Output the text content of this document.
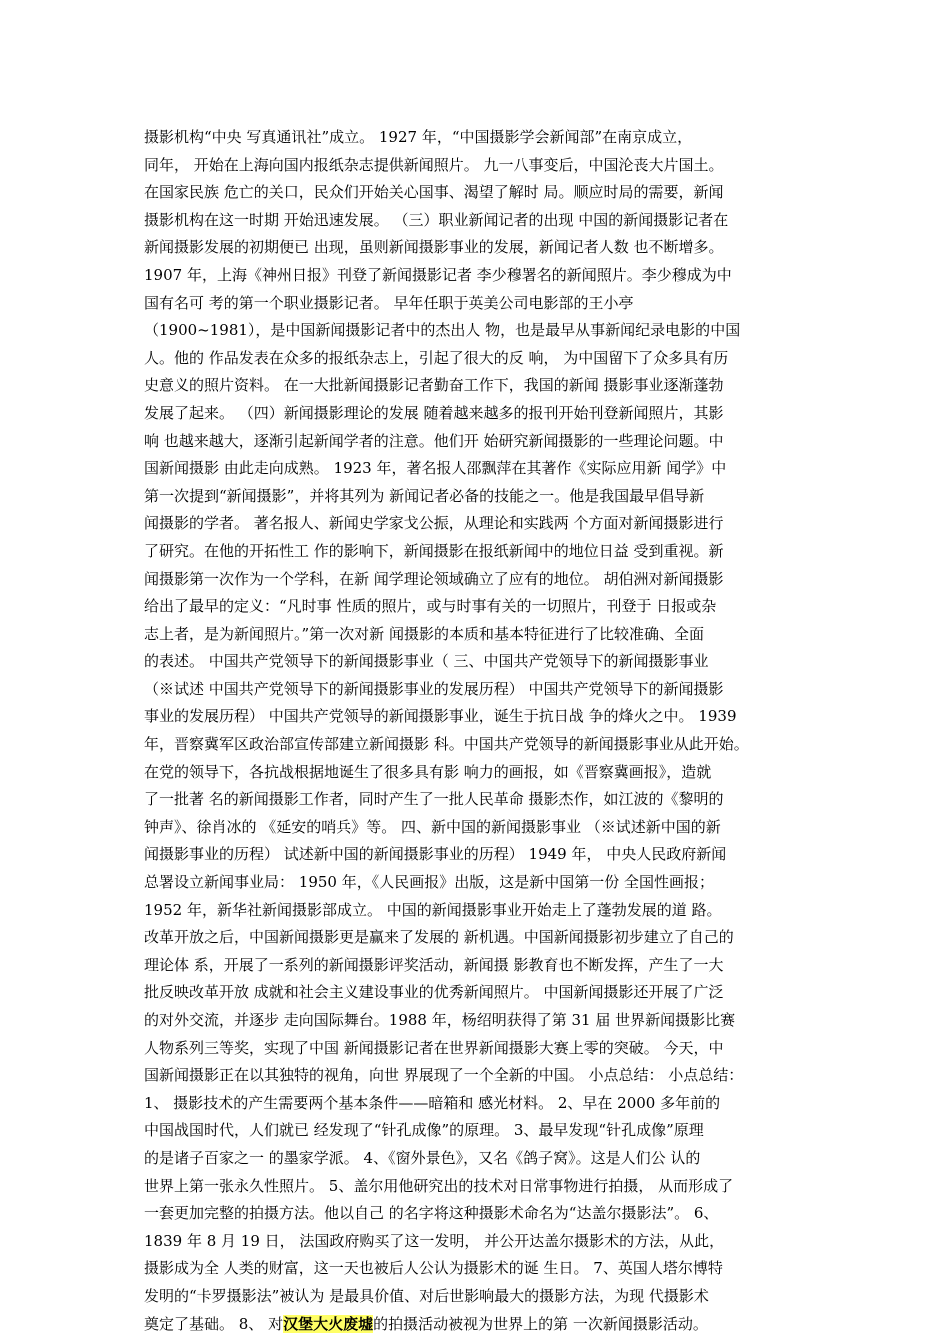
摄影机构“中央 写真通讯社”成立。 1927 年，“中国摄影学会新闻部”在南京成立，
同年， 开始在上海向国内报纸杂志提供新闻照片。 九一八事变后，中国沦丧大片国土。
在国家民族 危亡的关口，民众们开始关心国事、渴望了解时 局。顺应时局的需要，新闻
摄影机构在这一时期 开始迅速发展。 （三）职业新闻记者的出现 中国的新闻摄影记者在
新闻摄影发展的初期便已 出现，虽则新闻摄影事业的发展，新闻记者人数 也不断增多。
1907 年，上海《神州日报》刊登了新闻摄影记者 李少穆署名的新闻照片。李少穆成为中
国有名可 考的第一个职业摄影记者。 早年任职于英美公司电影部的王小亭
（1900~1981），是中国新闻摄影记者中的杰出人 物，也是最早从事新闻纪录电影的中国
人。他的 作品发表在众多的报纸杂志上，引起了很大的反 响， 为中国留下了众多具有历
史意义的照片资料。 在一大批新闻摄影记者勤奋工作下，我国的新闻 摄影事业逐渐蓬勃
发展了起来。 （四）新闻摄影理论的发展 随着越来越多的报刊开始刊登新闻照片，其影
响 也越来越大，逐渐引起新闻学者的注意。他们开 始研究新闻摄影的一些理论问题。中
国新闻摄影 由此走向成熟。 1923 年，著名报人邵飘萍在其著作《实际应用新 闻学》中
第一次提到“新闻摄影”，并将其列为 新闻记者必备的技能之一。他是我国最早倡导新
闻摄影的学者。 著名报人、新闻史学家戈公振，从理论和实践两 个方面对新闻摄影进行
了研究。在他的开拓性工 作的影响下，新闻摄影在报纸新闻中的地位日益 受到重视。新
闻摄影第一次作为一个学科，在新 闻学理论领域确立了应有的地位。 胡伯洲对新闻摄影
给出了最早的定义：“凡时事 性质的照片，或与时事有关的一切照片，刊登于 日报或杂
志上者，是为新闻照片。”第一次对新 闻摄影的本质和基本特征进行了比较准确、全面
的表述。 中国共产党领导下的新闻摄影事业（ 三、中国共产党领导下的新闻摄影事业
（※试述 中国共产党领导下的新闻摄影事业的发展历程） 中国共产党领导下的新闻摄影
事业的发展历程） 中国共产党领导的新闻摄影事业，诞生于抗日战 争的烽火之中。 1939
年，晋察冀军区政治部宣传部建立新闻摄影 科。中国共产党领导的新闻摄影事业从此开始。
在党的领导下，各抗战根据地诞生了很多具有影 响力的画报，如《晋察冀画报》，造就
了一批著 名的新闻摄影工作者，同时产生了一批人民革命 摄影杰作，如江波的《黎明的
钟声》、徐肖冰的 《延安的哨兵》等。 四、新中国的新闻摄影事业 （※试述新中国的新
闻摄影事业的历程） 试述新中国的新闻摄影事业的历程） 1949 年， 中央人民政府新闻
总署设立新闻事业局： 1950 年，《人民画报》出版，这是新中国第一份 全国性画报；
1952 年，新华社新闻摄影部成立。 中国的新闻摄影事业开始走上了蓬勃发展的道 路。
改革开放之后，中国新闻摄影更是赢来了发展的 新机遇。中国新闻摄影初步建立了自己的
理论体 系，开展了一系列的新闻摄影评奖活动，新闻摄 影教育也不断发挥，产生了一大
批反映改革开放 成就和社会主义建设事业的优秀新闻照片。 中国新闻摄影还开展了广泛
的对外交流，并逐步 走向国际舞台。1988 年，杨绍明获得了第 31 届 世界新闻摄影比赛
人物系列三等奖，实现了中国 新闻摄影记者在世界新闻摄影大赛上零的突破。 今天，中
国新闻摄影正在以其独特的视角，向世 界展现了一个全新的中国。 小点总结： 小点总结：
1、 摄影技术的产生需要两个基本条件——暗箱和 感光材料。 2、早在 2000 多年前的
中国战国时代，人们就已 经发现了“针孔成像”的原理。 3、最早发现“针孔成像”原理
的是诸子百家之一 的墨家学派。 4、《窗外景色》，又名《鸽子窝》。这是人们公 认的
世界上第一张永久性照片。 5、盖尔用他研究出的技术对日常事物进行拍摄， 从而形成了
一套更加完整的拍摄方法。他以自己 的名字将这种摄影术命名为“达盖尔摄影法”。 6、
1839 年 8 月 19 日， 法国政府购买了这一发明， 并公开达盖尔摄影术的方法，从此，
摄影成为全 人类的财富，这一天也被后人公认为摄影术的诞 生日。 7、英国人塔尔博特
发明的“卡罗摄影法”被认为 是最具价值、对后世影响最大的摄影方法，为现 代摄影术
奠定了基础。 8、 对汉堡大火废墟的拍摄活动被视为世界上的第 一次新闻摄影活动。
